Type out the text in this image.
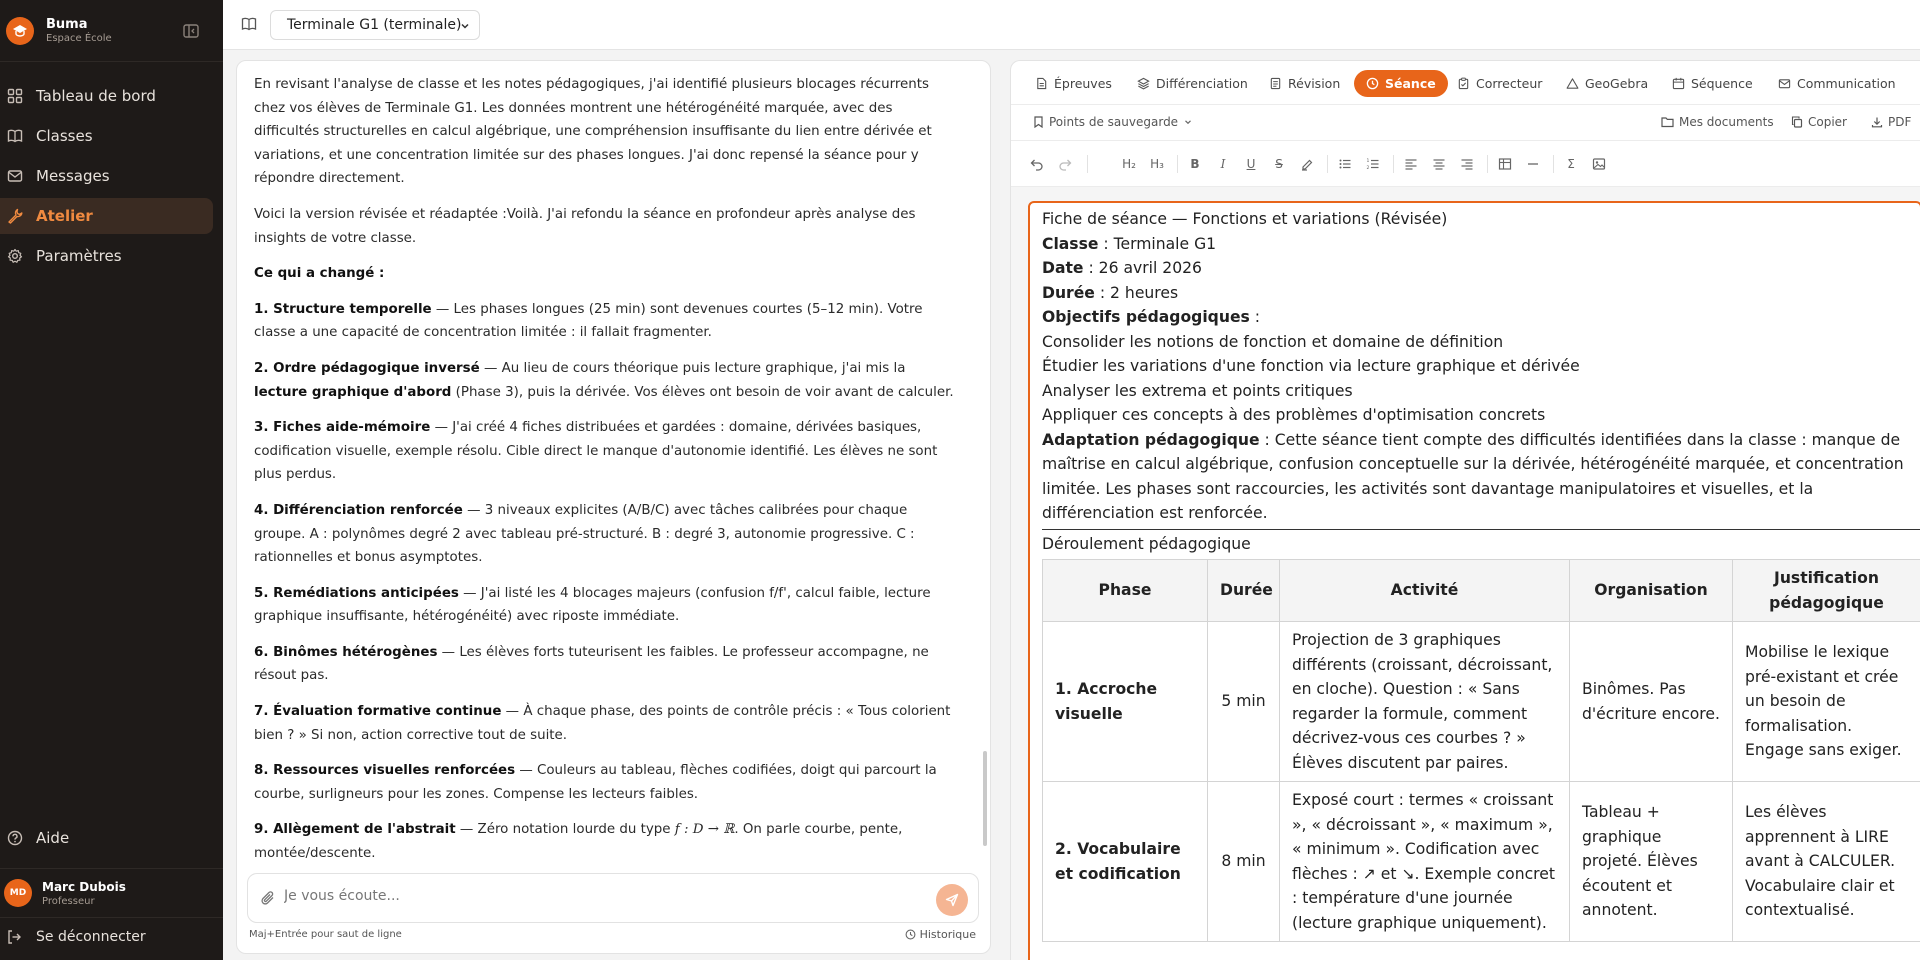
Buma
Espace École
Tableau de bord
Classes
Messages
Atelier
Paramètres
Aide
MD	Marc Dubois
Professeur
Se déconnecter
Terminale G1 (terminale)

En revisant l'analyse de classe et les notes pédagogiques, j'ai identifié plusieurs blocages récurrents chez vos élèves de Terminale G1. Les données montrent une hétérogénéité marquée, avec des difficultés structurelles en calcul algébrique, une compréhension insuffisante du lien entre dérivée et variations, et une concentration limitée sur des phases longues. J'ai donc repensé la séance pour y répondre directement.

Voici la version révisée et réadaptée :Voilà. J'ai refondu la séance en profondeur après analyse des insights de votre classe.

Ce qui a changé :

1. Structure temporelle — Les phases longues (25 min) sont devenues courtes (5–12 min). Votre classe a une capacité de concentration limitée : il fallait fragmenter.

2. Ordre pédagogique inversé — Au lieu de cours théorique puis lecture graphique, j'ai mis la lecture graphique d'abord (Phase 3), puis la dérivée. Vos élèves ont besoin de voir avant de calculer.

3. Fiches aide-mémoire — J'ai créé 4 fiches distribuées et gardées : domaine, dérivées basiques, codification visuelle, exemple résolu. Cible direct le manque d'autonomie identifié. Les élèves ne sont plus perdus.

4. Différenciation renforcée — 3 niveaux explicites (A/B/C) avec tâches calibrées pour chaque groupe. A : polynômes degré 2 avec tableau pré-structuré. B : degré 3, autonomie progressive. C : rationnelles et bonus asymptotes.

5. Remédiations anticipées — J'ai listé les 4 blocages majeurs (confusion f/f', calcul faible, lecture graphique insuffisante, hétérogénéité) avec riposte immédiate.

6. Binômes hétérogènes — Les élèves forts tuteurisent les faibles. Le professeur accompagne, ne résout pas.

7. Évaluation formative continue — À chaque phase, des points de contrôle précis : « Tous colorient bien ? » Si non, action corrective tout de suite.

8. Ressources visuelles renforcées — Couleurs au tableau, flèches codifiées, doigt qui parcourt la courbe, surligneurs pour les zones. Compense les lecteurs faibles.

9. Allègement de l'abstrait — Zéro notation lourde du type f : D → ℝ. On parle courbe, pente, montée/descente.

Je vous écoute...
Maj+Entrée pour saut de ligne	Historique
Épreuves	Différenciation	Révision	Séance	Correcteur	GeoGebra	Séquence	Communication
Points de sauvegarde	Mes documents	Copier	PDF
H₂ H₃ B	I	U	S	1
2	Σ
Fiche de séance — Fonctions et variations (Révisée)
Classe : Terminale G1
Date : 26 avril 2026
Durée : 2 heures
Objectifs pédagogiques :
Consolider les notions de fonction et domaine de définition
Étudier les variations d'une fonction via lecture graphique et dérivée
Analyser les extrema et points critiques
Appliquer ces concepts à des problèmes d'optimisation concrets
Adaptation pédagogique : Cette séance tient compte des difficultés identifiées dans la classe : manque de maîtrise en calcul algébrique, confusion conceptuelle sur la dérivée, hétérogénéité marquée, et concentration limitée. Les phases sont raccourcies, les activités sont davantage manipulatoires et visuelles, et la différenciation est renforcée.
Déroulement pédagogique
Phase	Durée	Activité	Organisation	Justification pédagogique
1. Accroche visuelle	5 min	Projection de 3 graphiques différents (croissant, décroissant, en cloche). Question : « Sans regarder la formule, comment décrivez-vous ces courbes ? » Élèves discutent par paires.	Binômes. Pas d'écriture encore.	Mobilise le lexique pré-existant et crée un besoin de formalisation. Engage sans exiger.
2. Vocabulaire et codification	8 min	Exposé court : termes « croissant », « décroissant », « maximum », « minimum ». Codification avec flèches : ↗ et ↘. Exemple concret : température d'une journée (lecture graphique uniquement).	Tableau + graphique projeté. Élèves écoutent et annotent.	Les élèves apprennent à LIRE avant à CALCULER. Vocabulaire clair et contextualisé.
